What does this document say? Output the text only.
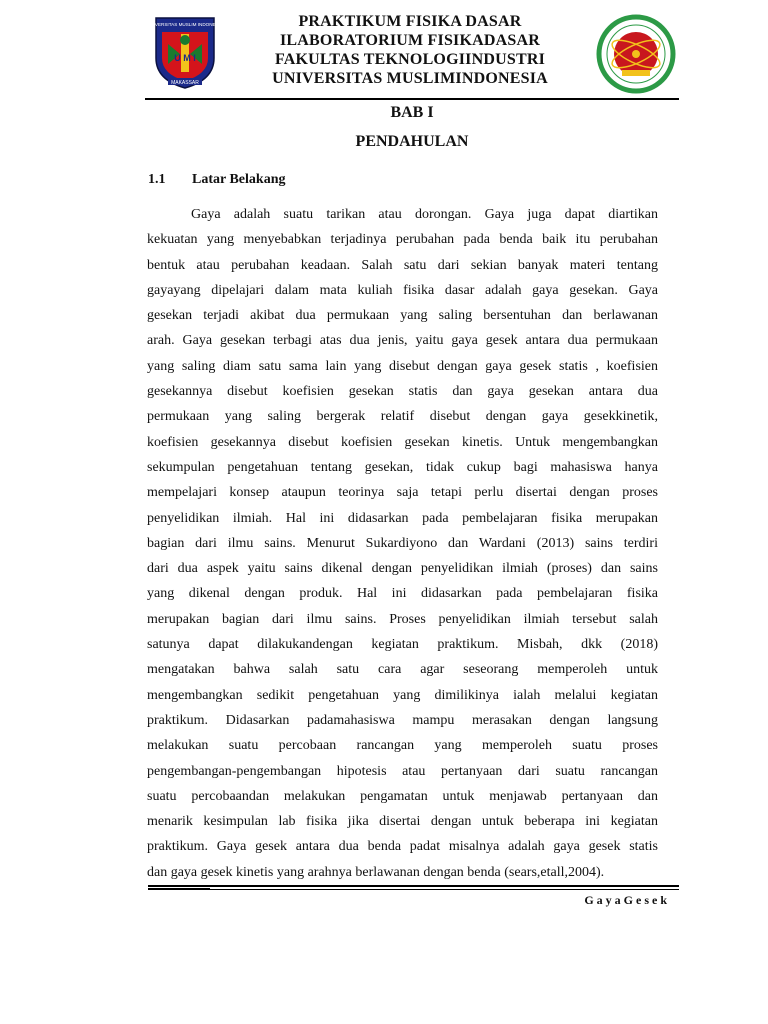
UNIVERSITAS MUSLIM INDONESIA
U M I
MAKASSAR
PRAKTIKUM FISIKA DASAR
ILABORATORIUM FISIKADASAR
FAKULTAS TEKNOLOGIINDUSTRI
UNIVERSITAS MUSLIMINDONESIA
BAB I
PENDAHULAN
1.1 Latar Belakang
Gaya adalah suatu tarikan atau dorongan. Gaya juga dapat diartikan
kekuatan yang menyebabkan terjadinya perubahan pada benda baik itu perubahan
bentuk atau perubahan keadaan. Salah satu dari sekian banyak materi tentang
gayayang dipelajari dalam mata kuliah fisika dasar adalah gaya gesekan. Gaya
gesekan terjadi akibat dua permukaan yang saling bersentuhan dan berlawanan
arah. Gaya gesekan terbagi atas dua jenis, yaitu gaya gesek antara dua permukaan
yang saling diam satu sama lain yang disebut dengan gaya gesek statis , koefisien
gesekannya disebut koefisien gesekan statis dan gaya gesekan antara dua
permukaan yang saling bergerak relatif disebut dengan gaya gesekkinetik,
koefisien gesekannya disebut koefisien gesekan kinetis. Untuk mengembangkan
sekumpulan pengetahuan tentang gesekan, tidak cukup bagi mahasiswa hanya
mempelajari konsep ataupun teorinya saja tetapi perlu disertai dengan proses
penyelidikan ilmiah. Hal ini didasarkan pada pembelajaran fisika merupakan
bagian dari ilmu sains. Menurut Sukardiyono dan Wardani (2013) sains terdiri
dari dua aspek yaitu sains dikenal dengan penyelidikan ilmiah (proses) dan sains
yang dikenal dengan produk. Hal ini didasarkan pada pembelajaran fisika
merupakan bagian dari ilmu sains. Proses penyelidikan ilmiah tersebut salah
satunya dapat dilakukandengan kegiatan praktikum. Misbah, dkk (2018)
mengatakan bahwa salah satu cara agar seseorang memperoleh untuk
mengembangkan sedikit pengetahuan yang dimilikinya ialah melalui kegiatan
praktikum. Didasarkan padamahasiswa mampu merasakan dengan langsung
melakukan suatu percobaan rancangan yang memperoleh suatu proses
pengembangan-pengembangan hipotesis atau pertanyaan dari suatu rancangan
suatu percobaandan melakukan pengamatan untuk menjawab pertanyaan dan
menarik kesimpulan lab fisika jika disertai dengan untuk beberapa ini kegiatan
praktikum. Gaya gesek antara dua benda padat misalnya adalah gaya gesek statis
dan gaya gesek kinetis yang arahnya berlawanan dengan benda (sears,etall,2004).
GayaGesek
